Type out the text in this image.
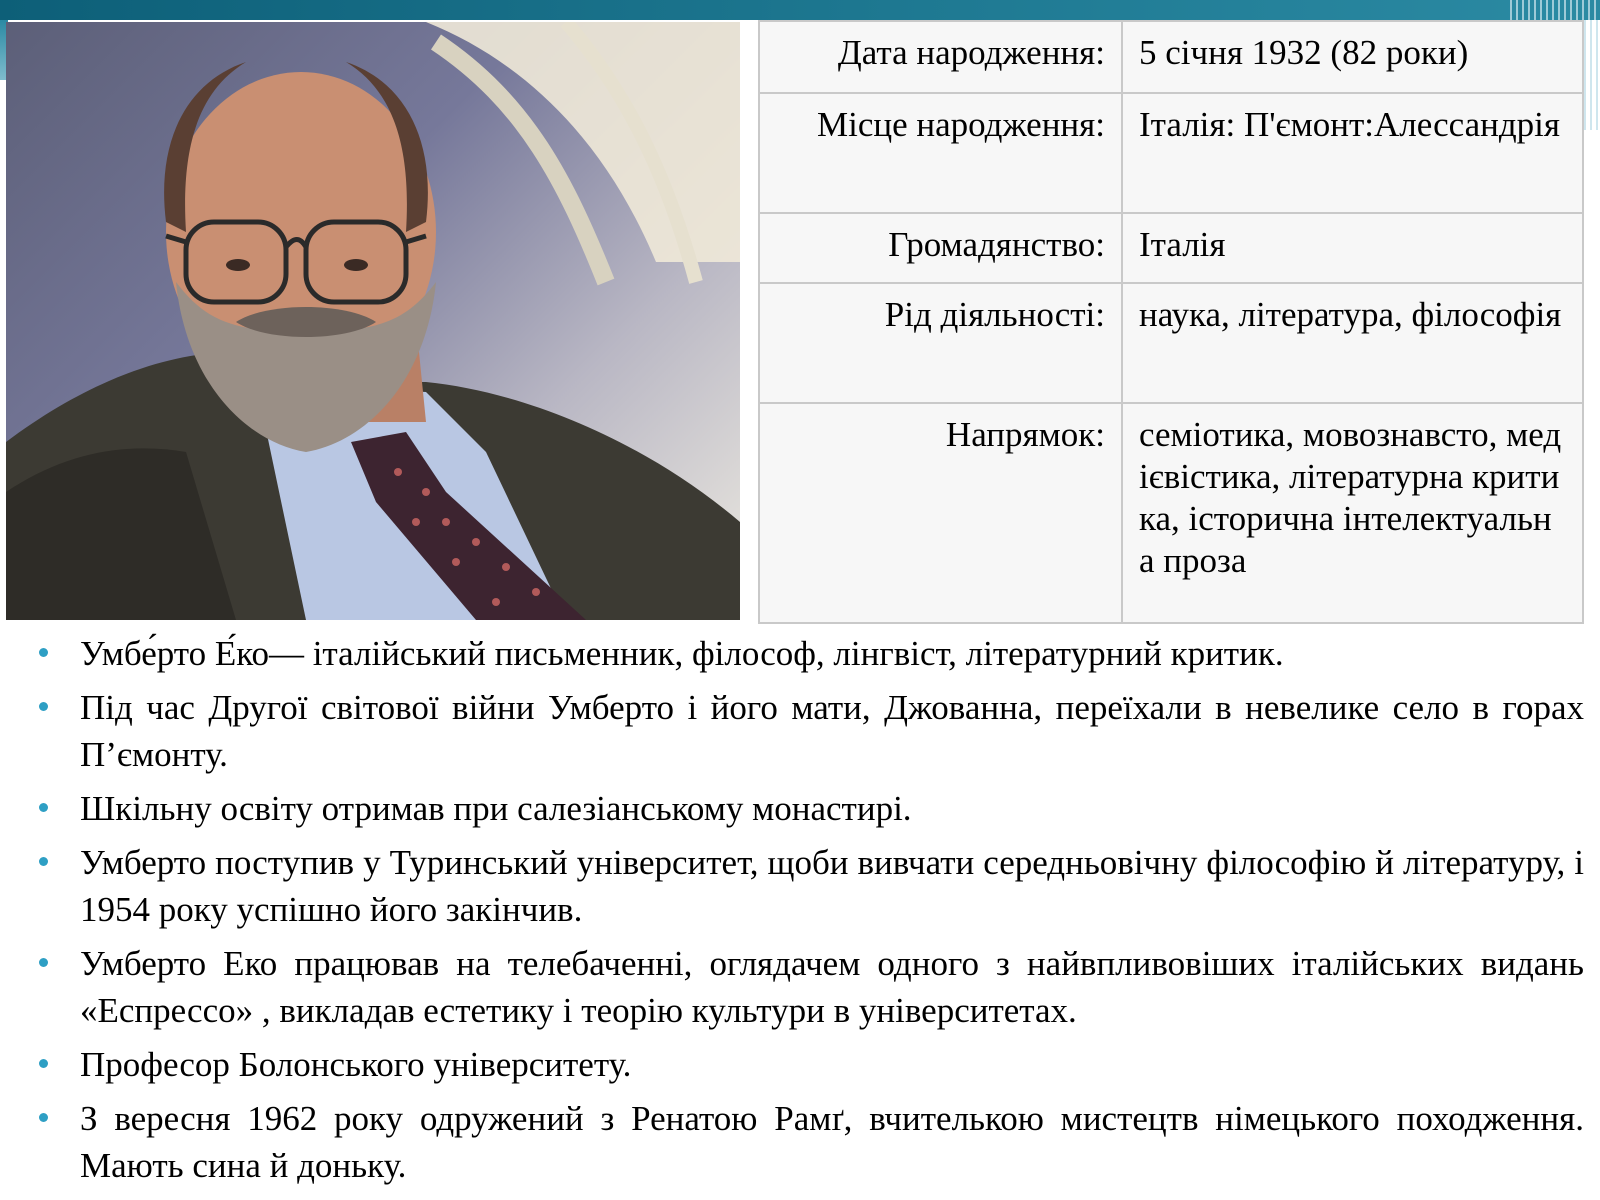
Дата народження:	5 січня 1932 (82 роки)
Місце народження:	Італія: П'ємонт:Алессандрія
Громадянство:	Італія
Рід діяльності:	наука, література, філософія
Напрямок:	семіотика, мовознавсто, медієвістика, літературна критика, історична інтелектуальна проза
Умбе́рто Е́ко— італійський письменник, філософ, лінгвіст, літературний критик.
Під час Другої світової війни Умберто і його мати, Джованна, переїхали в невелике село в горах П’ємонту.
Шкільну освіту отримав при салезіанському монастирі.
Умберто поступив у Туринський університет, щоби вивчати середньовічну філософію й літературу, і 1954 року успішно його закінчив.
Умберто Еко працював на телебаченні, оглядачем одного з найвпливовіших італійських видань «Еспрессо» , викладав естетику і теорію культури в університетах.
Професор Болонського університету.
З вересня 1962 року одружений з Ренатою Рамґ, вчителькою мистецтв німецького походження. Мають сина й доньку.
